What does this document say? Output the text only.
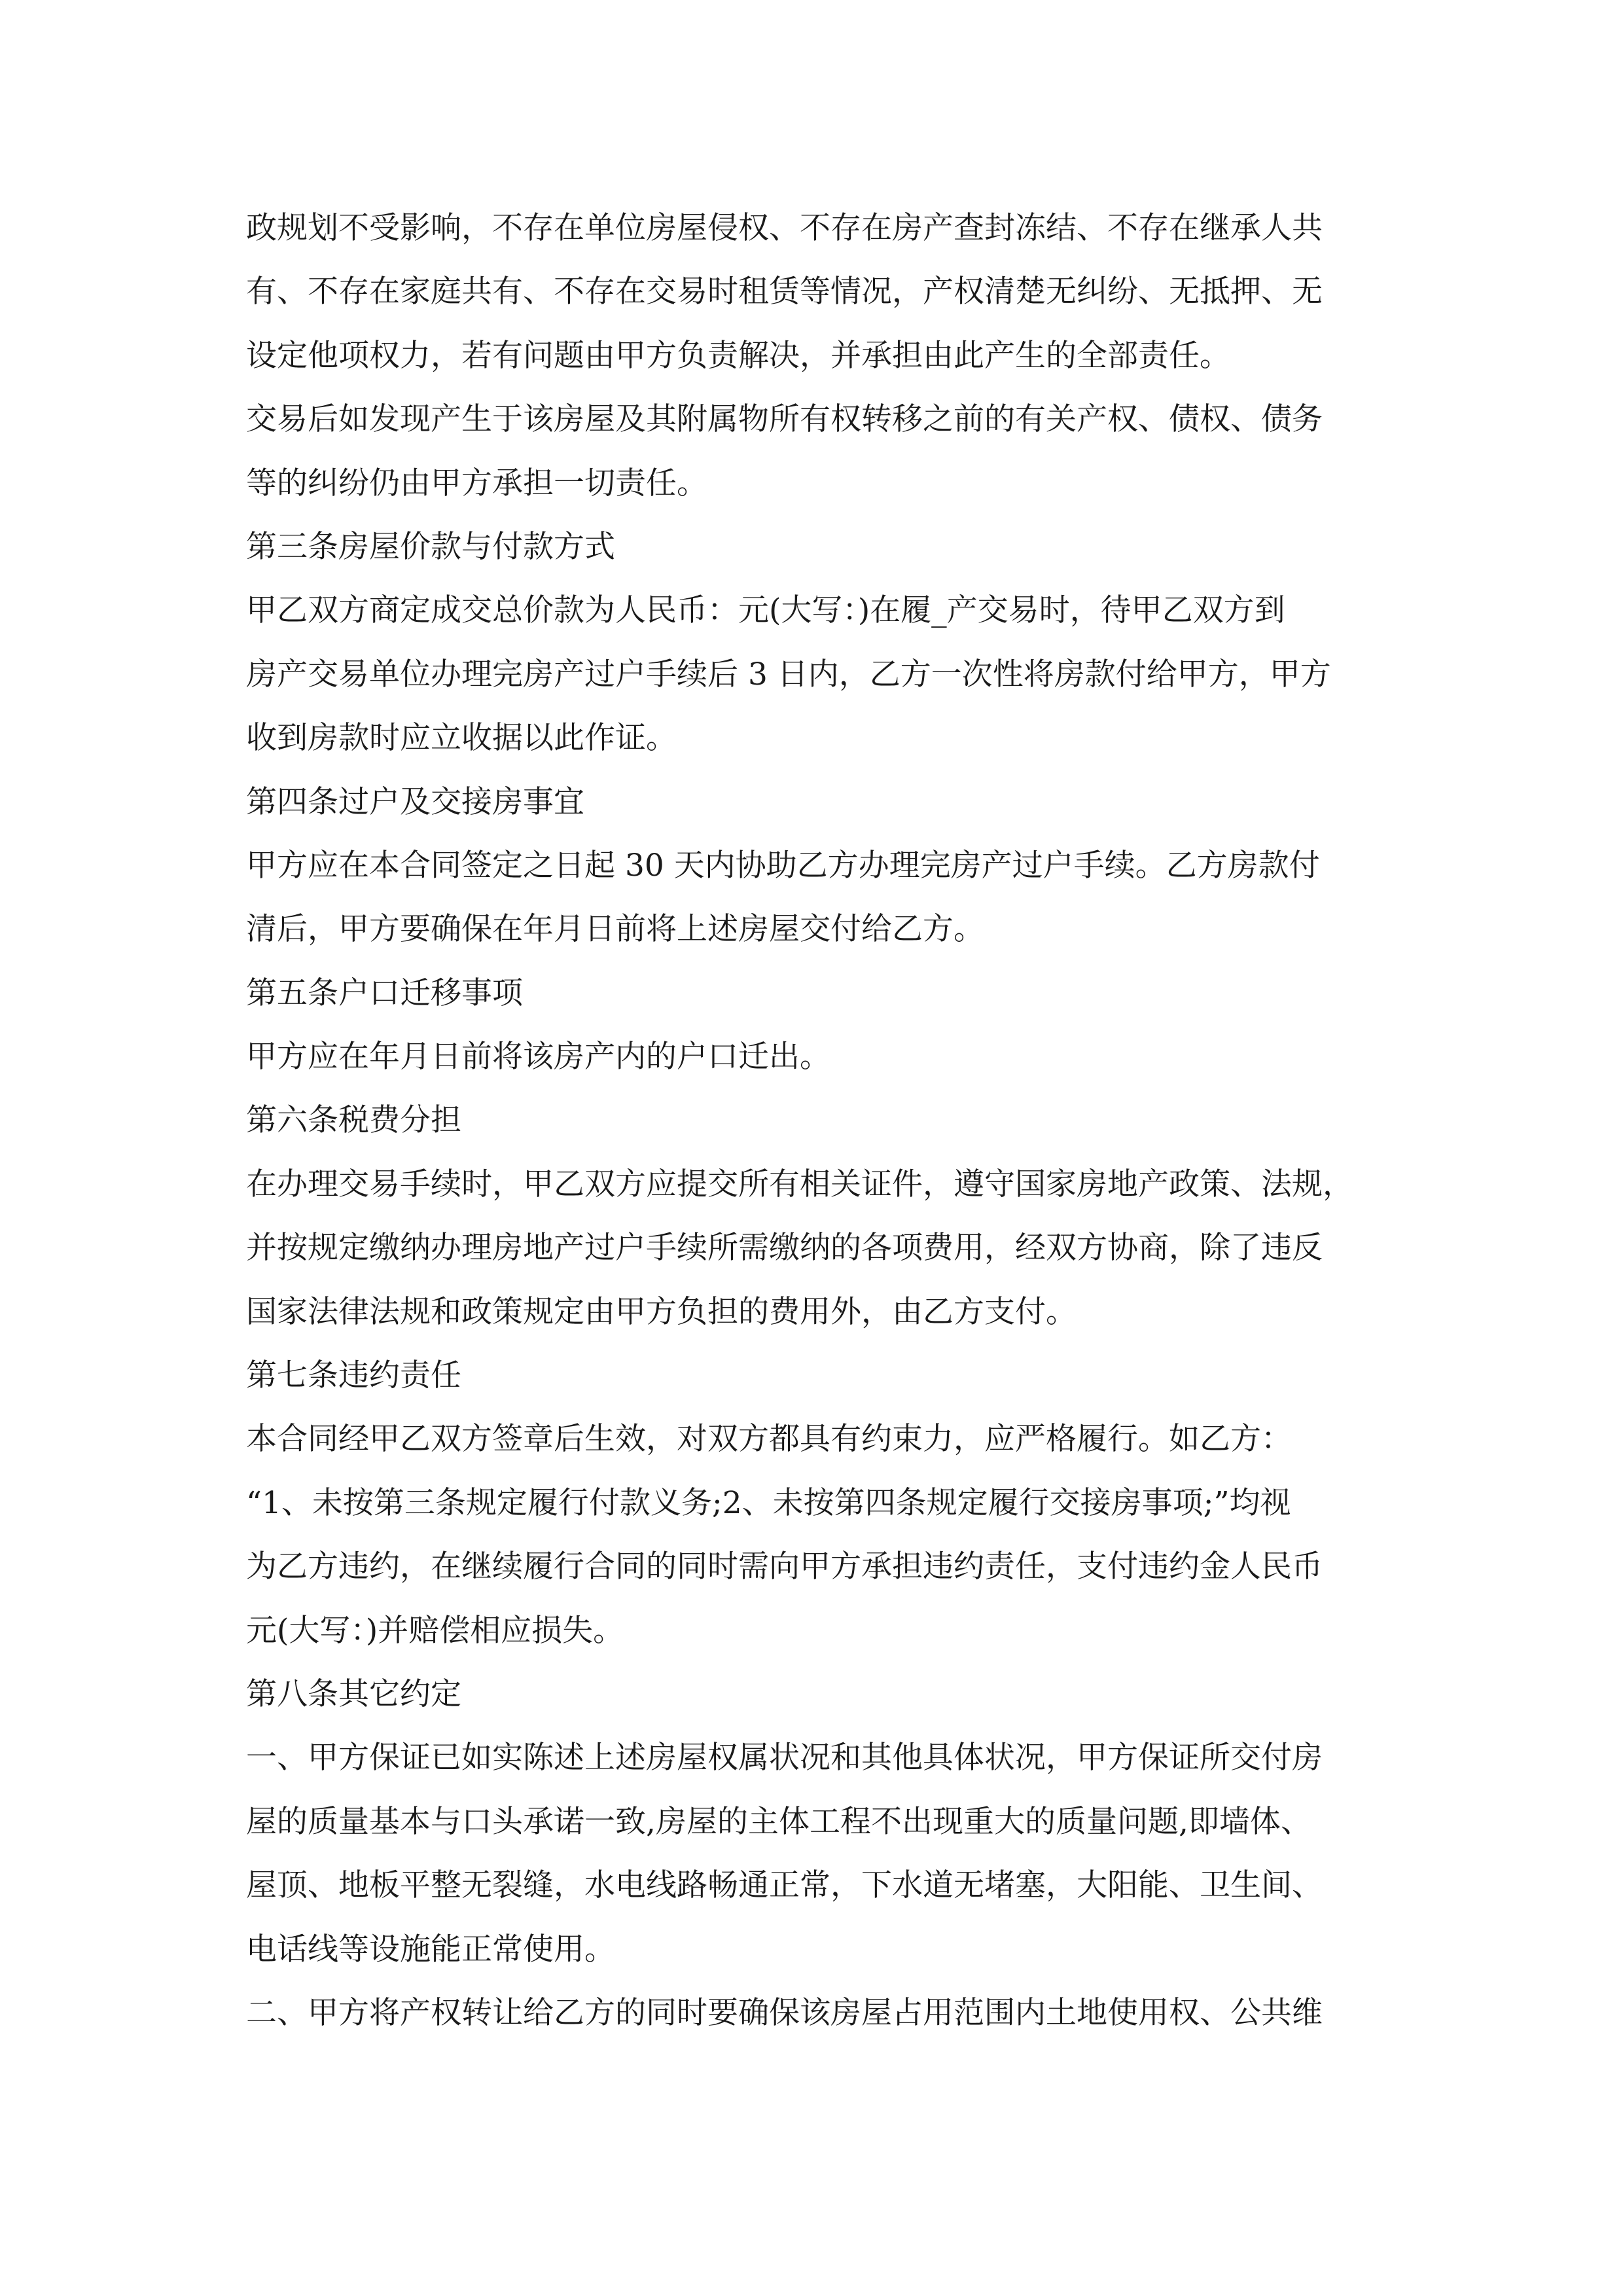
政规划不受影响，不存在单位房屋侵权、不存在房产查封冻结、不存在继承人共

有、不存在家庭共有、不存在交易时租赁等情况，产权清楚无纠纷、无抵押、无

设定他项权力，若有问题由甲方负责解决，并承担由此产生的全部责任。

交易后如发现产生于该房屋及其附属物所有权转移之前的有关产权、债权、债务

等的纠纷仍由甲方承担一切责任。

第三条房屋价款与付款方式

甲乙双方商定成交总价款为人民币：元(大写：)在履_产交易时，待甲乙双方到

房产交易单位办理完房产过户手续后 3 日内，乙方一次性将房款付给甲方，甲方

收到房款时应立收据以此作证。

第四条过户及交接房事宜

甲方应在本合同签定之日起 30 天内协助乙方办理完房产过户手续。乙方房款付

清后，甲方要确保在年月日前将上述房屋交付给乙方。

第五条户口迁移事项

甲方应在年月日前将该房产内的户口迁出。

第六条税费分担

在办理交易手续时，甲乙双方应提交所有相关证件，遵守国家房地产政策、法规，

并按规定缴纳办理房地产过户手续所需缴纳的各项费用，经双方协商，除了违反

国家法律法规和政策规定由甲方负担的费用外，由乙方支付。

第七条违约责任

本合同经甲乙双方签章后生效，对双方都具有约束力，应严格履行。如乙方：

“1、未按第三条规定履行付款义务;2、未按第四条规定履行交接房事项;”均视

为乙方违约，在继续履行合同的同时需向甲方承担违约责任，支付违约金人民币

元(大写：)并赔偿相应损失。

第八条其它约定

一、甲方保证已如实陈述上述房屋权属状况和其他具体状况，甲方保证所交付房

屋的质量基本与口头承诺一致,房屋的主体工程不出现重大的质量问题,即墙体、

屋顶、地板平整无裂缝，水电线路畅通正常，下水道无堵塞，大阳能、卫生间、

电话线等设施能正常使用。

二、甲方将产权转让给乙方的同时要确保该房屋占用范围内土地使用权、公共维
